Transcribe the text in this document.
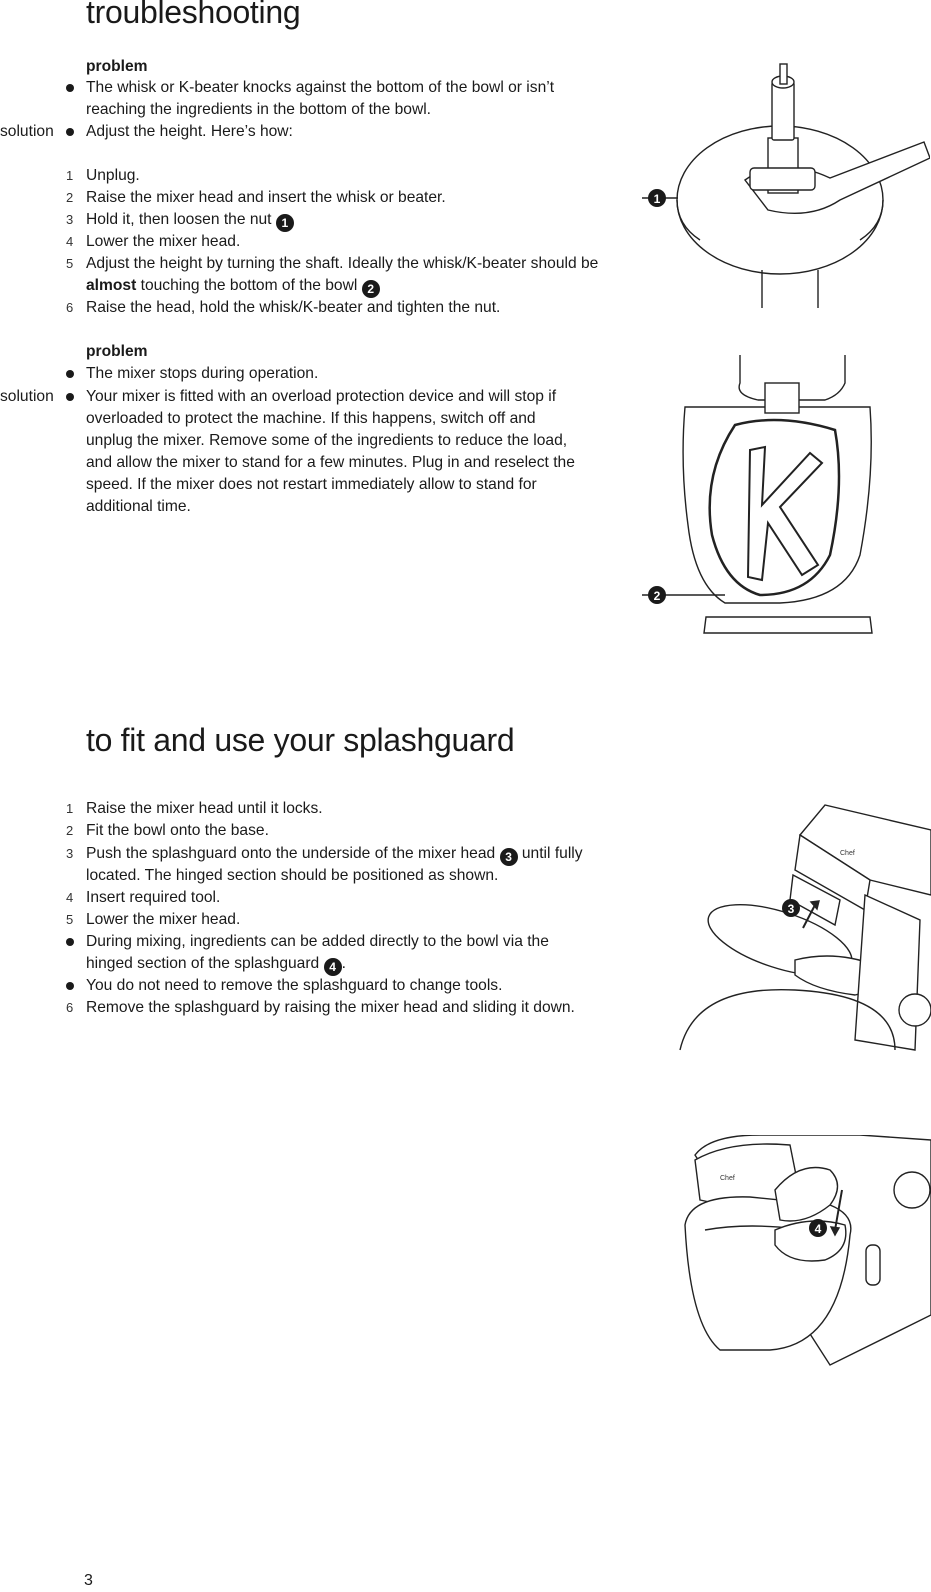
troubleshooting
problem
The whisk or K-beater knocks against the bottom of the bowl or isn’t
reaching the ingredients in the bottom of the bowl.
solution Adjust the height. Here’s how:
1 Unplug.
2 Raise the mixer head and insert the whisk or beater.
3 Hold it, then loosen the nut 1
4 Lower the mixer head.
5 Adjust the height by turning the shaft. Ideally the whisk/K-beater should be
almost touching the bottom of the bowl 2
6 Raise the head, hold the whisk/K-beater and tighten the nut.
problem
The mixer stops during operation.
solution Your mixer is fitted with an overload protection device and will stop if
overloaded to protect the machine. If this happens, switch off and
unplug the mixer. Remove some of the ingredients to reduce the load,
and allow the mixer to stand for a few minutes. Plug in and reselect the
speed. If the mixer does not restart immediately allow to stand for
additional time.
to fit and use your splashguard
1 Raise the mixer head until it locks.
2 Fit the bowl onto the base.
3 Push the splashguard onto the underside of the mixer head 3 until fully
located. The hinged section should be positioned as shown.
4 Insert required tool.
5 Lower the mixer head.
During mixing, ingredients can be added directly to the bowl via the
hinged section of the splashguard 4 .
You do not need to remove the splashguard to change tools.
6 Remove the splashguard by raising the mixer head and sliding it down.
1
2
Chef
3
Chef
4
3
